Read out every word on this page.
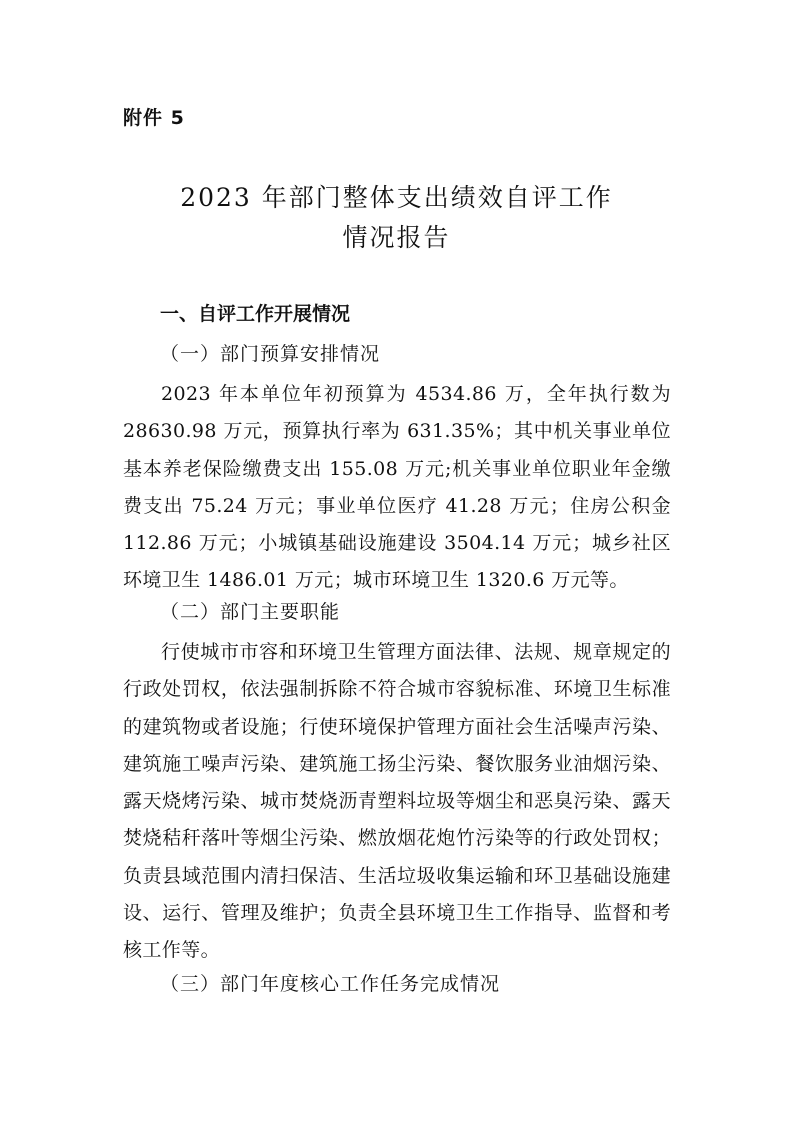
附件 5
2023 年部门整体支出绩效自评工作
情况报告
一、自评工作开展情况
（一）部门预算安排情况

2023 年本单位年初预算为 4534.86 万，全年执行数为28630.98 万元，预算执行率为 631.35%；其中机关事业单位基本养老保险缴费支出 155.08 万元;机关事业单位职业年金缴费支出 75.24 万元；事业单位医疗 41.28 万元；住房公积金 112.86 万元；小城镇基础设施建设 3504.14 万元；城乡社区环境卫生 1486.01 万元；城市环境卫生 1320.6 万元等。

（二）部门主要职能

行使城市市容和环境卫生管理方面法律、法规、规章规定的行政处罚权，依法强制拆除不符合城市容貌标准、环境卫生标准的建筑物或者设施；行使环境保护管理方面社会生活噪声污染、建筑施工噪声污染、建筑施工扬尘污染、餐饮服务业油烟污染、露天烧烤污染、城市焚烧沥青塑料垃圾等烟尘和恶臭污染、露天焚烧秸秆落叶等烟尘污染、燃放烟花炮竹污染等的行政处罚权；负责县域范围内清扫保洁、生活垃圾收集运输和环卫基础设施建设、运行、管理及维护；负责全县环境卫生工作指导、监督和考核工作等。

（三）部门年度核心工作任务完成情况
